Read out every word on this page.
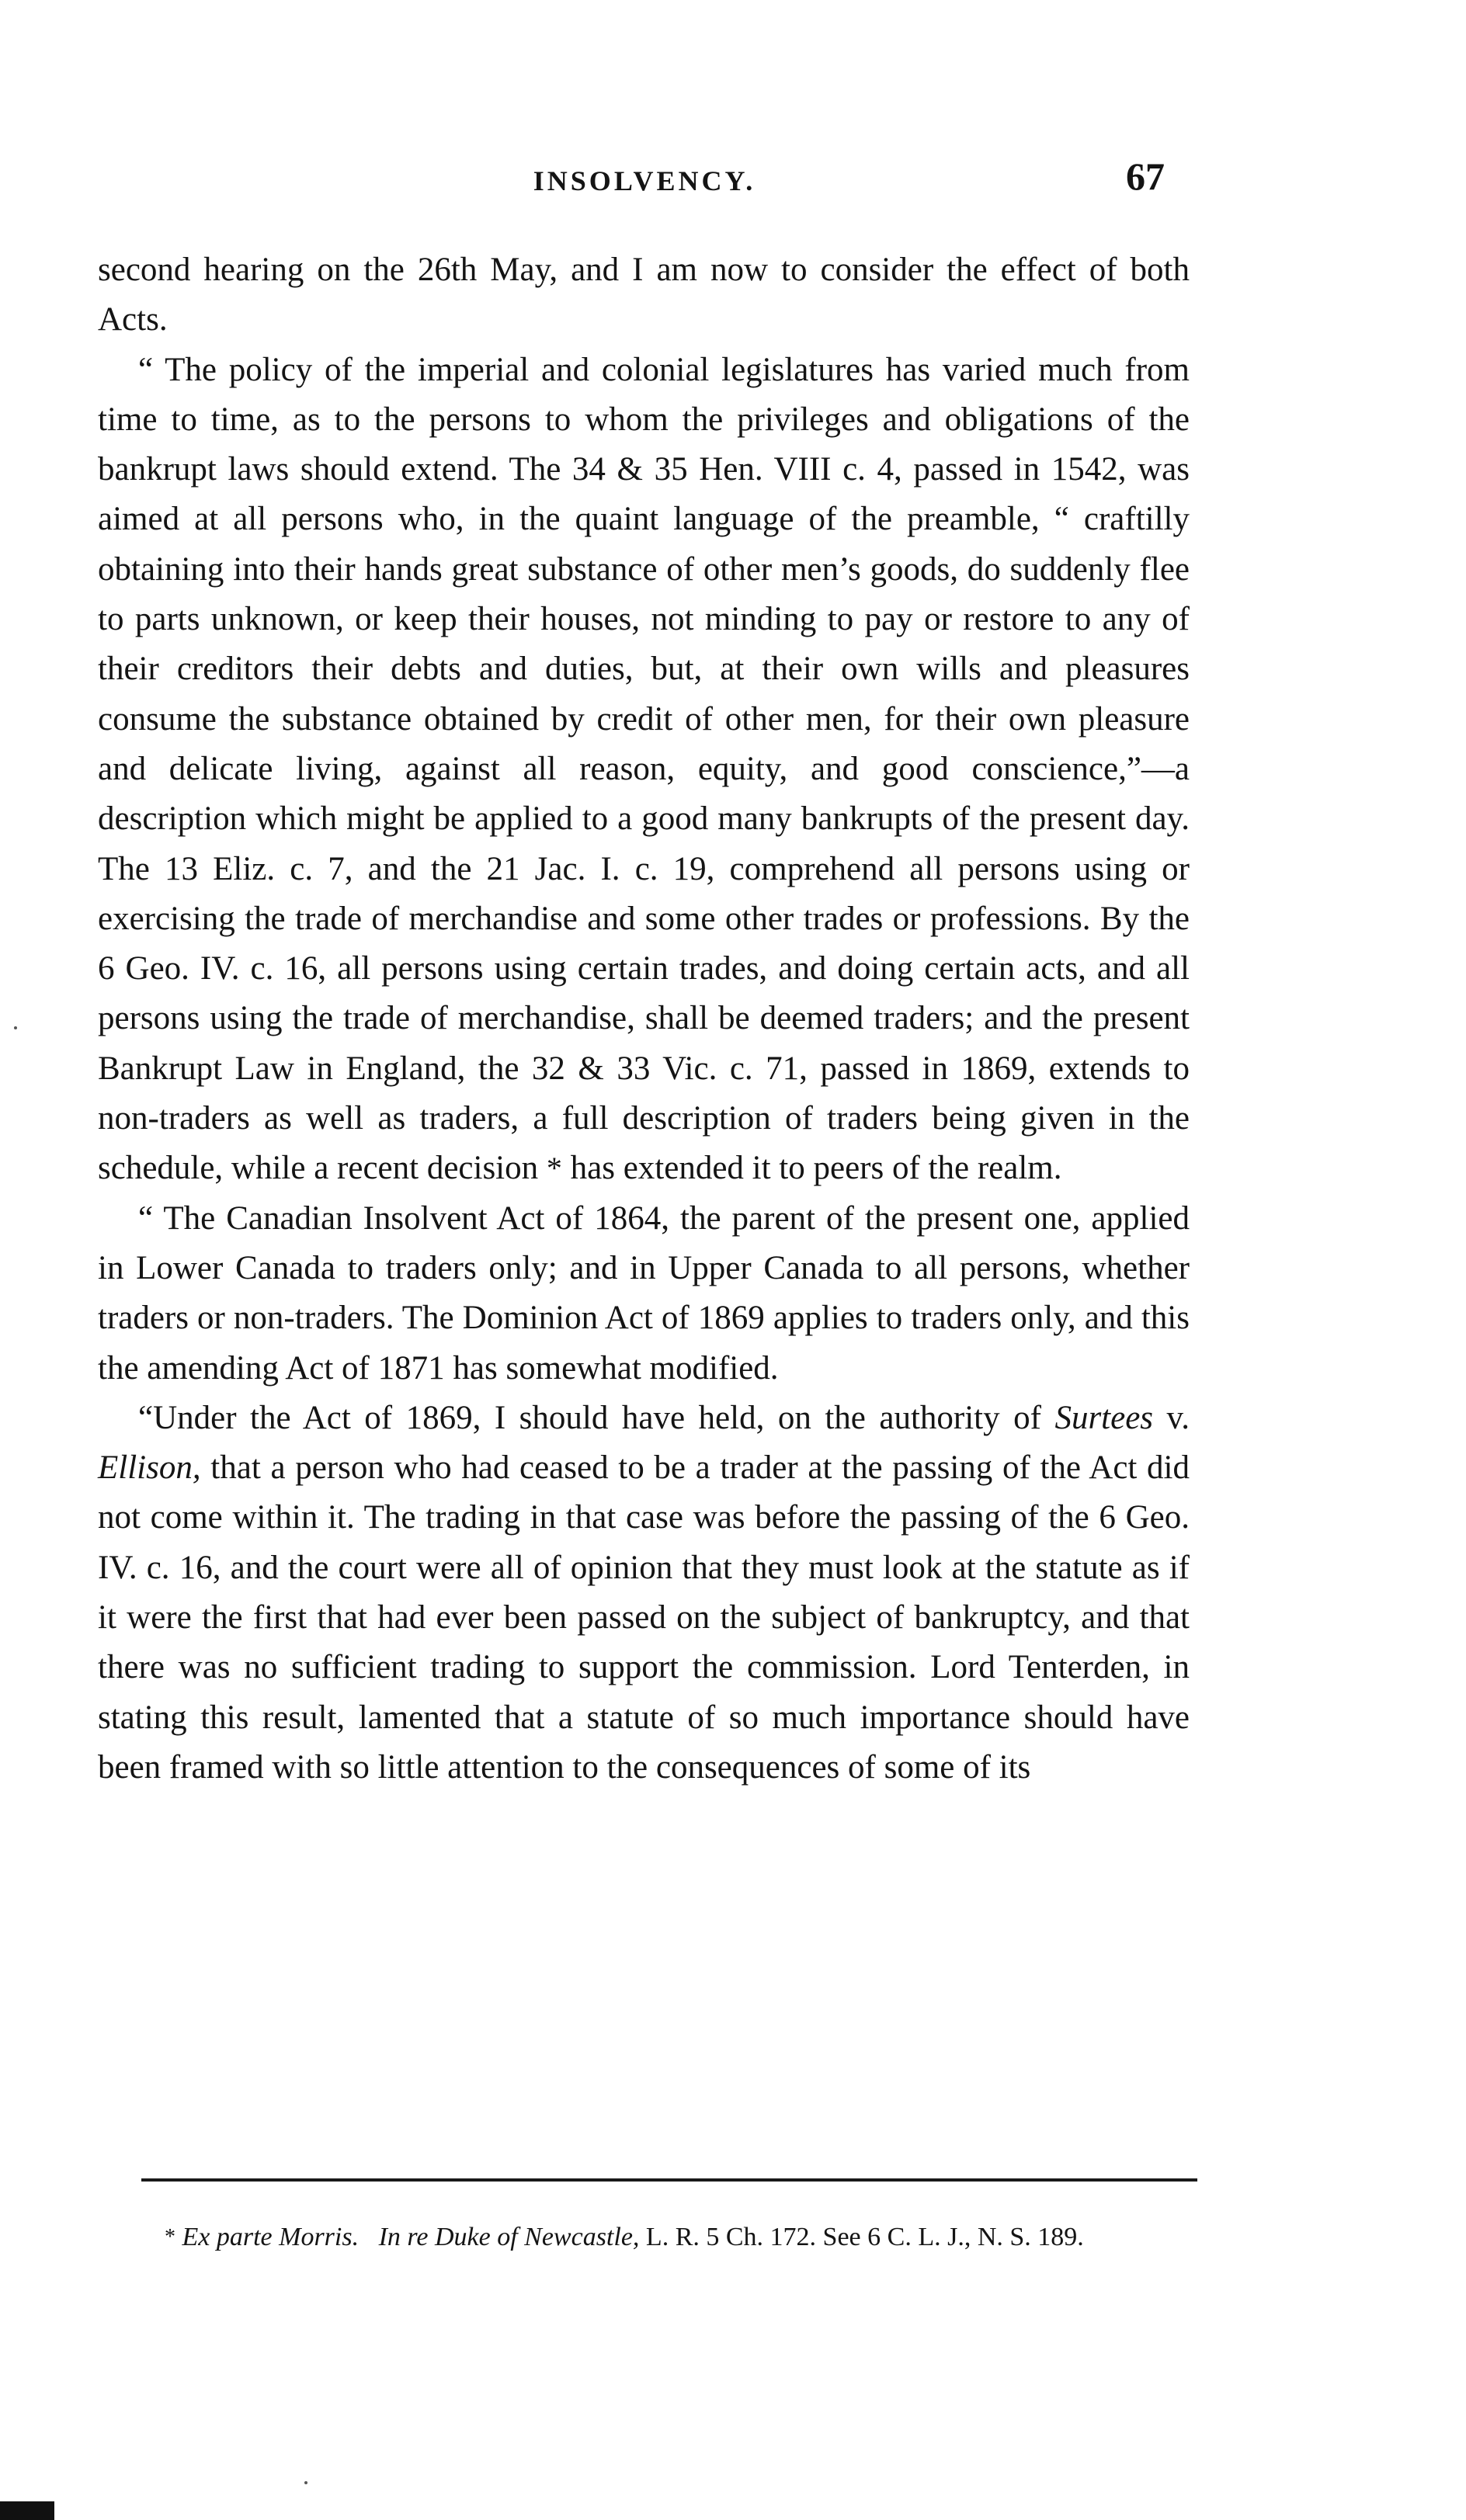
INSOLVENCY.	67

second hearing on the 26th May, and I am now to consider the effect of both Acts.

“ The policy of the imperial and colonial legislatures has varied much from time to time, as to the persons to whom the privileges and obligations of the bankrupt laws should extend. The 34 & 35 Hen. VIII c. 4, passed in 1542, was aimed at all persons who, in the quaint language of the preamble, “ craftilly obtaining into their hands great substance of other men’s goods, do suddenly flee to parts unknown, or keep their houses, not minding to pay or restore to any of their creditors their debts and duties, but, at their own wills and pleasures consume the substance obtained by credit of other men, for their own pleasure and delicate living, against all reason, equity, and good conscience,”—a description which might be applied to a good many bankrupts of the present day. The 13 Eliz. c. 7, and the 21 Jac. I. c. 19, comprehend all persons using or exercising the trade of merchandise and some other trades or professions. By the 6 Geo. IV. c. 16, all persons using certain trades, and doing certain acts, and all persons using the trade of merchandise, shall be deemed traders; and the present Bankrupt Law in England, the 32 & 33 Vic. c. 71, passed in 1869, extends to non-traders as well as traders, a full description of traders being given in the schedule, while a recent decision * has extended it to peers of the realm.

“ The Canadian Insolvent Act of 1864, the parent of the present one, applied in Lower Canada to traders only; and in Upper Canada to all persons, whether traders or non-traders. The Dominion Act of 1869 applies to traders only, and this the amending Act of 1871 has somewhat modified.

“Under the Act of 1869, I should have held, on the authority of Surtees v. Ellison, that a person who had ceased to be a trader at the passing of the Act did not come within it. The trading in that case was before the passing of the 6 Geo. IV. c. 16, and the court were all of opinion that they must look at the statute as if it were the first that had ever been passed on the subject of bankruptcy, and that there was no sufficient trading to support the commission. Lord Tenterden, in stating this result, lamented that a statute of so much importance should have been framed with so little attention to the consequences of some of its

* Ex parte Morris. In re Duke of Newcastle, L. R. 5 Ch. 172. See 6 C. L. J., N. S. 189.
